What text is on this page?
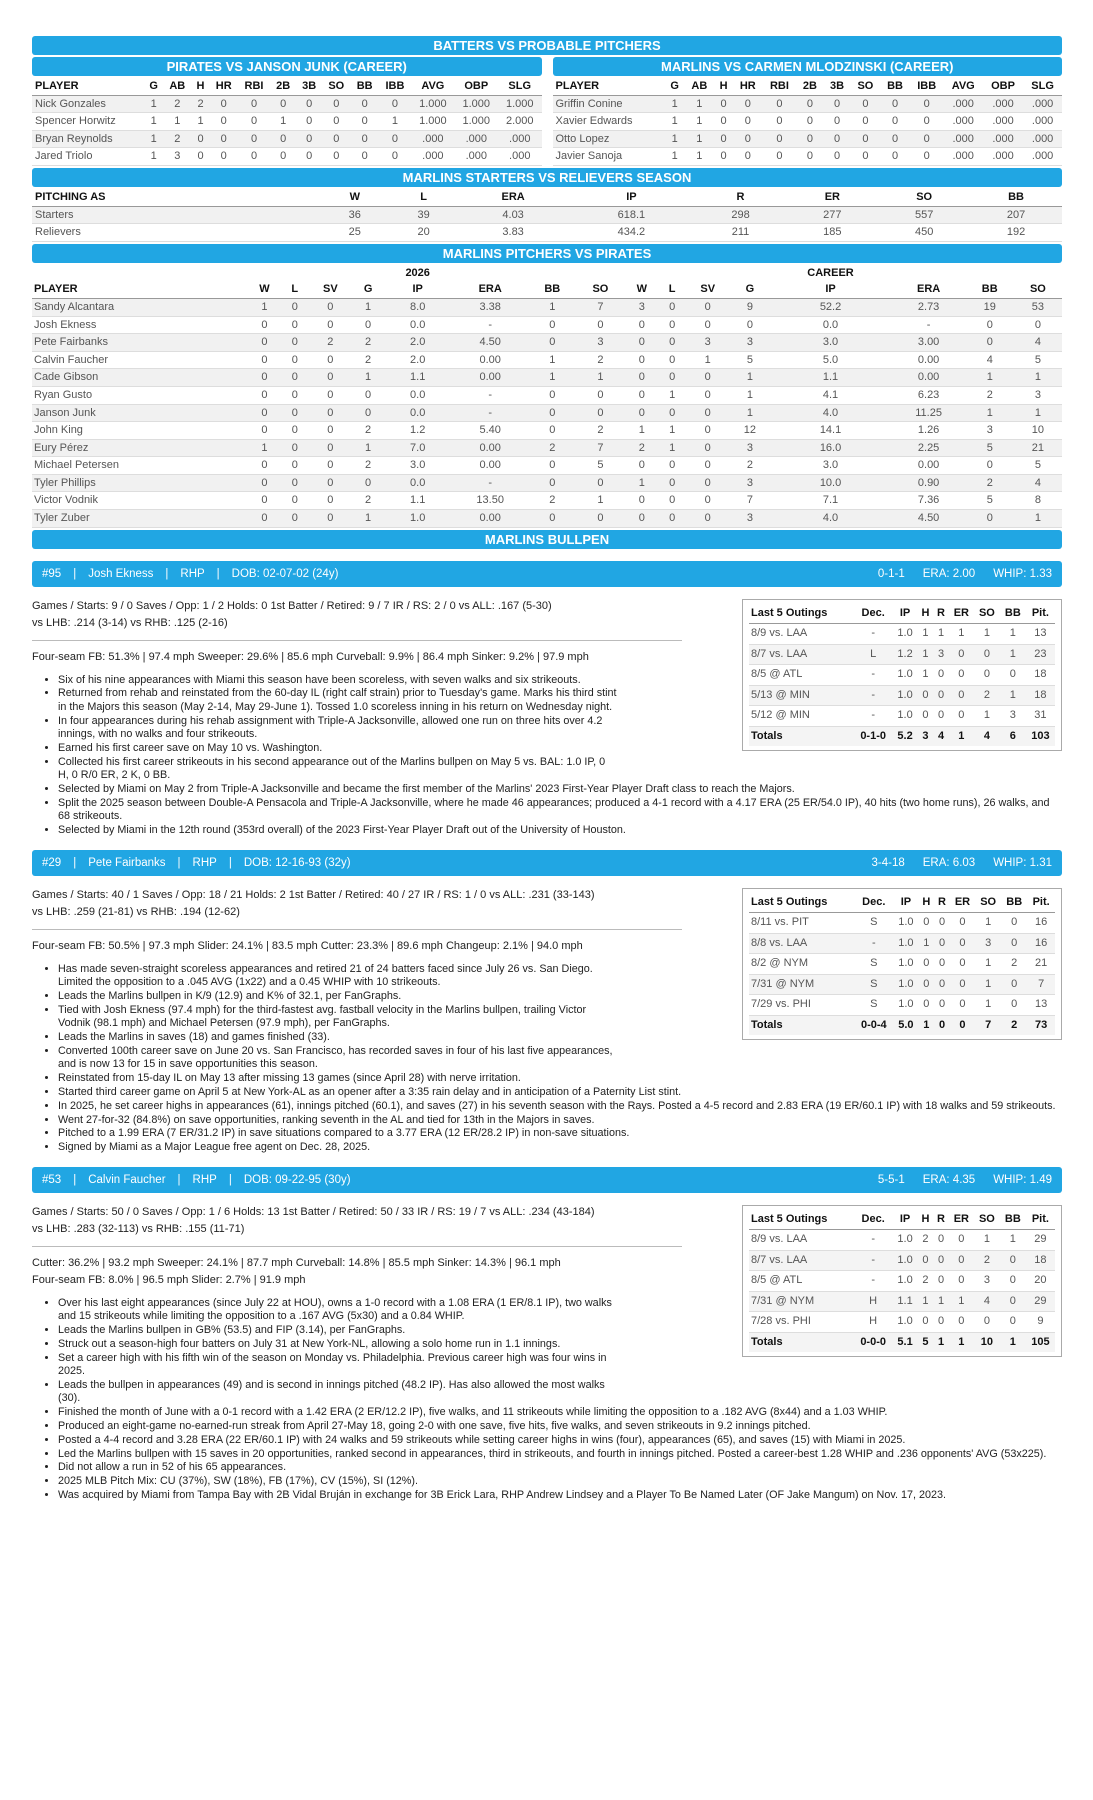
BATTERS VS PROBABLE PITCHERS
PIRATES VS JANSON JUNK (CAREER)
PLAYER	G	AB	H	HR	RBI	2B	3B	SO	BB	IBB	AVG	OBP	SLG
Nick Gonzales	1	2	2	0	0	0	0	0	0	0	1.000	1.000	1.000
Spencer Horwitz	1	1	1	0	0	1	0	0	0	1	1.000	1.000	2.000
Bryan Reynolds	1	2	0	0	0	0	0	0	0	0	.000	.000	.000
Jared Triolo	1	3	0	0	0	0	0	0	0	0	.000	.000	.000
MARLINS VS CARMEN MLODZINSKI (CAREER)
PLAYER	G	AB	H	HR	RBI	2B	3B	SO	BB	IBB	AVG	OBP	SLG
Griffin Conine	1	1	0	0	0	0	0	0	0	0	.000	.000	.000
Xavier Edwards	1	1	0	0	0	0	0	0	0	0	.000	.000	.000
Otto Lopez	1	1	0	0	0	0	0	0	0	0	.000	.000	.000
Javier Sanoja	1	1	0	0	0	0	0	0	0	0	.000	.000	.000
MARLINS STARTERS VS RELIEVERS SEASON
PITCHING AS	W	L	ERA	IP	R	ER	SO	BB
Starters	36	39	4.03	618.1	298	277	557	207
Relievers	25	20	3.83	434.2	211	185	450	192
MARLINS PITCHERS VS PIRATES
					2026								CAREER			
PLAYER	W	L	SV	G	IP	ERA	BB	SO	W	L	SV	G	IP	ERA	BB	SO
Sandy Alcantara	1	0	0	1	8.0	3.38	1	7	3	0	0	9	52.2	2.73	19	53
Josh Ekness	0	0	0	0	0.0	-	0	0	0	0	0	0	0.0	-	0	0
Pete Fairbanks	0	0	2	2	2.0	4.50	0	3	0	0	3	3	3.0	3.00	0	4
Calvin Faucher	0	0	0	2	2.0	0.00	1	2	0	0	1	5	5.0	0.00	4	5
Cade Gibson	0	0	0	1	1.1	0.00	1	1	0	0	0	1	1.1	0.00	1	1
Ryan Gusto	0	0	0	0	0.0	-	0	0	0	1	0	1	4.1	6.23	2	3
Janson Junk	0	0	0	0	0.0	-	0	0	0	0	0	1	4.0	11.25	1	1
John King	0	0	0	2	1.2	5.40	0	2	1	1	0	12	14.1	1.26	3	10
Eury Pérez	1	0	0	1	7.0	0.00	2	7	2	1	0	3	16.0	2.25	5	21
Michael Petersen	0	0	0	2	3.0	0.00	0	5	0	0	0	2	3.0	0.00	0	5
Tyler Phillips	0	0	0	0	0.0	-	0	0	1	0	0	3	10.0	0.90	2	4
Victor Vodnik	0	0	0	2	1.1	13.50	2	1	0	0	0	7	7.1	7.36	5	8
Tyler Zuber	0	0	0	1	1.0	0.00	0	0	0	0	0	3	4.0	4.50	0	1
MARLINS BULLPEN
#95 | Josh Ekness | RHP | DOB: 02-07-02 (24y)	0-1-1 ERA: 2.00 WHIP: 1.33
Last 5 Outings	Dec.	IP	H	R	ER	SO	BB	Pit.
8/9 vs. LAA	-	1.0	1	1	1	1	1	13
8/7 vs. LAA	L	1.2	1	3	0	0	1	23
8/5 @ ATL	-	1.0	1	0	0	0	0	18
5/13 @ MIN	-	1.0	0	0	0	2	1	18
5/12 @ MIN	-	1.0	0	0	0	1	3	31
Totals	0-1-0	5.2	3	4	1	4	6	103
Games / Starts: 9 / 0 Saves / Opp: 1 / 2 Holds: 0 1st Batter / Retired: 9 / 7 IR / RS: 2 / 0 vs ALL: .167 (5-30)
vs LHB: .214 (3-14) vs RHB: .125 (2-16)
Four-seam FB: 51.3% | 97.4 mph Sweeper: 29.6% | 85.6 mph Curveball: 9.9% | 86.4 mph Sinker: 9.2% | 97.9 mph
• Six of his nine appearances with Miami this season have been scoreless, with seven walks and six strikeouts.
• Returned from rehab and reinstated from the 60-day IL (right calf strain) prior to Tuesday's game. Marks his third stint in the Majors this season (May 2-14, May 29-June 1). Tossed 1.0 scoreless inning in his return on Wednesday night.
• In four appearances during his rehab assignment with Triple-A Jacksonville, allowed one run on three hits over 4.2 innings, with no walks and four strikeouts.
• Earned his first career save on May 10 vs. Washington.
• Collected his first career strikeouts in his second appearance out of the Marlins bullpen on May 5 vs. BAL: 1.0 IP, 0 H, 0 R/0 ER, 2 K, 0 BB.
• Selected by Miami on May 2 from Triple-A Jacksonville and became the first member of the Marlins' 2023 First-Year Player Draft class to reach the Majors.
• Split the 2025 season between Double-A Pensacola and Triple-A Jacksonville, where he made 46 appearances; produced a 4-1 record with a 4.17 ERA (25 ER/54.0 IP), 40 hits (two home runs), 26 walks, and 68 strikeouts.
• Selected by Miami in the 12th round (353rd overall) of the 2023 First-Year Player Draft out of the University of Houston.
#29 | Pete Fairbanks | RHP | DOB: 12-16-93 (32y)	3-4-18 ERA: 6.03 WHIP: 1.31
Last 5 Outings	Dec.	IP	H	R	ER	SO	BB	Pit.
8/11 vs. PIT	S	1.0	0	0	0	1	0	16
8/8 vs. LAA	-	1.0	1	0	0	3	0	16
8/2 @ NYM	S	1.0	0	0	0	1	2	21
7/31 @ NYM	S	1.0	0	0	0	1	0	7
7/29 vs. PHI	S	1.0	0	0	0	1	0	13
Totals	0-0-4	5.0	1	0	0	7	2	73
Games / Starts: 40 / 1 Saves / Opp: 18 / 21 Holds: 2 1st Batter / Retired: 40 / 27 IR / RS: 1 / 0 vs ALL: .231 (33-143)
vs LHB: .259 (21-81) vs RHB: .194 (12-62)
Four-seam FB: 50.5% | 97.3 mph Slider: 24.1% | 83.5 mph Cutter: 23.3% | 89.6 mph Changeup: 2.1% | 94.0 mph
• Has made seven-straight scoreless appearances and retired 21 of 24 batters faced since July 26 vs. San Diego. Limited the opposition to a .045 AVG (1x22) and a 0.45 WHIP with 10 strikeouts.
• Leads the Marlins bullpen in K/9 (12.9) and K% of 32.1, per FanGraphs.
• Tied with Josh Ekness (97.4 mph) for the third-fastest avg. fastball velocity in the Marlins bullpen, trailing Victor Vodnik (98.1 mph) and Michael Petersen (97.9 mph), per FanGraphs.
• Leads the Marlins in saves (18) and games finished (33).
• Converted 100th career save on June 20 vs. San Francisco, has recorded saves in four of his last five appearances, and is now 13 for 15 in save opportunities this season.
• Reinstated from 15-day IL on May 13 after missing 13 games (since April 28) with nerve irritation.
• Started third career game on April 5 at New York-AL as an opener after a 3:35 rain delay and in anticipation of a Paternity List stint.
• In 2025, he set career highs in appearances (61), innings pitched (60.1), and saves (27) in his seventh season with the Rays. Posted a 4-5 record and 2.83 ERA (19 ER/60.1 IP) with 18 walks and 59 strikeouts.
• Went 27-for-32 (84.8%) on save opportunities, ranking seventh in the AL and tied for 13th in the Majors in saves.
• Pitched to a 1.99 ERA (7 ER/31.2 IP) in save situations compared to a 3.77 ERA (12 ER/28.2 IP) in non-save situations.
• Signed by Miami as a Major League free agent on Dec. 28, 2025.
#53 | Calvin Faucher | RHP | DOB: 09-22-95 (30y)	5-5-1 ERA: 4.35 WHIP: 1.49
Last 5 Outings	Dec.	IP	H	R	ER	SO	BB	Pit.
8/9 vs. LAA	-	1.0	2	0	0	1	1	29
8/7 vs. LAA	-	1.0	0	0	0	2	0	18
8/5 @ ATL	-	1.0	2	0	0	3	0	20
7/31 @ NYM	H	1.1	1	1	1	4	0	29
7/28 vs. PHI	H	1.0	0	0	0	0	0	9
Totals	0-0-0	5.1	5	1	1	10	1	105
Games / Starts: 50 / 0 Saves / Opp: 1 / 6 Holds: 13 1st Batter / Retired: 50 / 33 IR / RS: 19 / 7 vs ALL: .234 (43-184)
vs LHB: .283 (32-113) vs RHB: .155 (11-71)
Cutter: 36.2% | 93.2 mph Sweeper: 24.1% | 87.7 mph Curveball: 14.8% | 85.5 mph Sinker: 14.3% | 96.1 mph
Four-seam FB: 8.0% | 96.5 mph Slider: 2.7% | 91.9 mph
• Over his last eight appearances (since July 22 at HOU), owns a 1-0 record with a 1.08 ERA (1 ER/8.1 IP), two walks and 15 strikeouts while limiting the opposition to a .167 AVG (5x30) and a 0.84 WHIP.
• Leads the Marlins bullpen in GB% (53.5) and FIP (3.14), per FanGraphs.
• Struck out a season-high four batters on July 31 at New York-NL, allowing a solo home run in 1.1 innings.
• Set a career high with his fifth win of the season on Monday vs. Philadelphia. Previous career high was four wins in 2025.
• Leads the bullpen in appearances (49) and is second in innings pitched (48.2 IP). Has also allowed the most walks (30).
• Finished the month of June with a 0-1 record with a 1.42 ERA (2 ER/12.2 IP), five walks, and 11 strikeouts while limiting the opposition to a .182 AVG (8x44) and a 1.03 WHIP.
• Produced an eight-game no-earned-run streak from April 27-May 18, going 2-0 with one save, five hits, five walks, and seven strikeouts in 9.2 innings pitched.
• Posted a 4-4 record and 3.28 ERA (22 ER/60.1 IP) with 24 walks and 59 strikeouts while setting career highs in wins (four), appearances (65), and saves (15) with Miami in 2025.
• Led the Marlins bullpen with 15 saves in 20 opportunities, ranked second in appearances, third in strikeouts, and fourth in innings pitched. Posted a career-best 1.28 WHIP and .236 opponents' AVG (53x225).
• Did not allow a run in 52 of his 65 appearances.
• 2025 MLB Pitch Mix: CU (37%), SW (18%), FB (17%), CV (15%), SI (12%).
• Was acquired by Miami from Tampa Bay with 2B Vidal Bruján in exchange for 3B Erick Lara, RHP Andrew Lindsey and a Player To Be Named Later (OF Jake Mangum) on Nov. 17, 2023.
